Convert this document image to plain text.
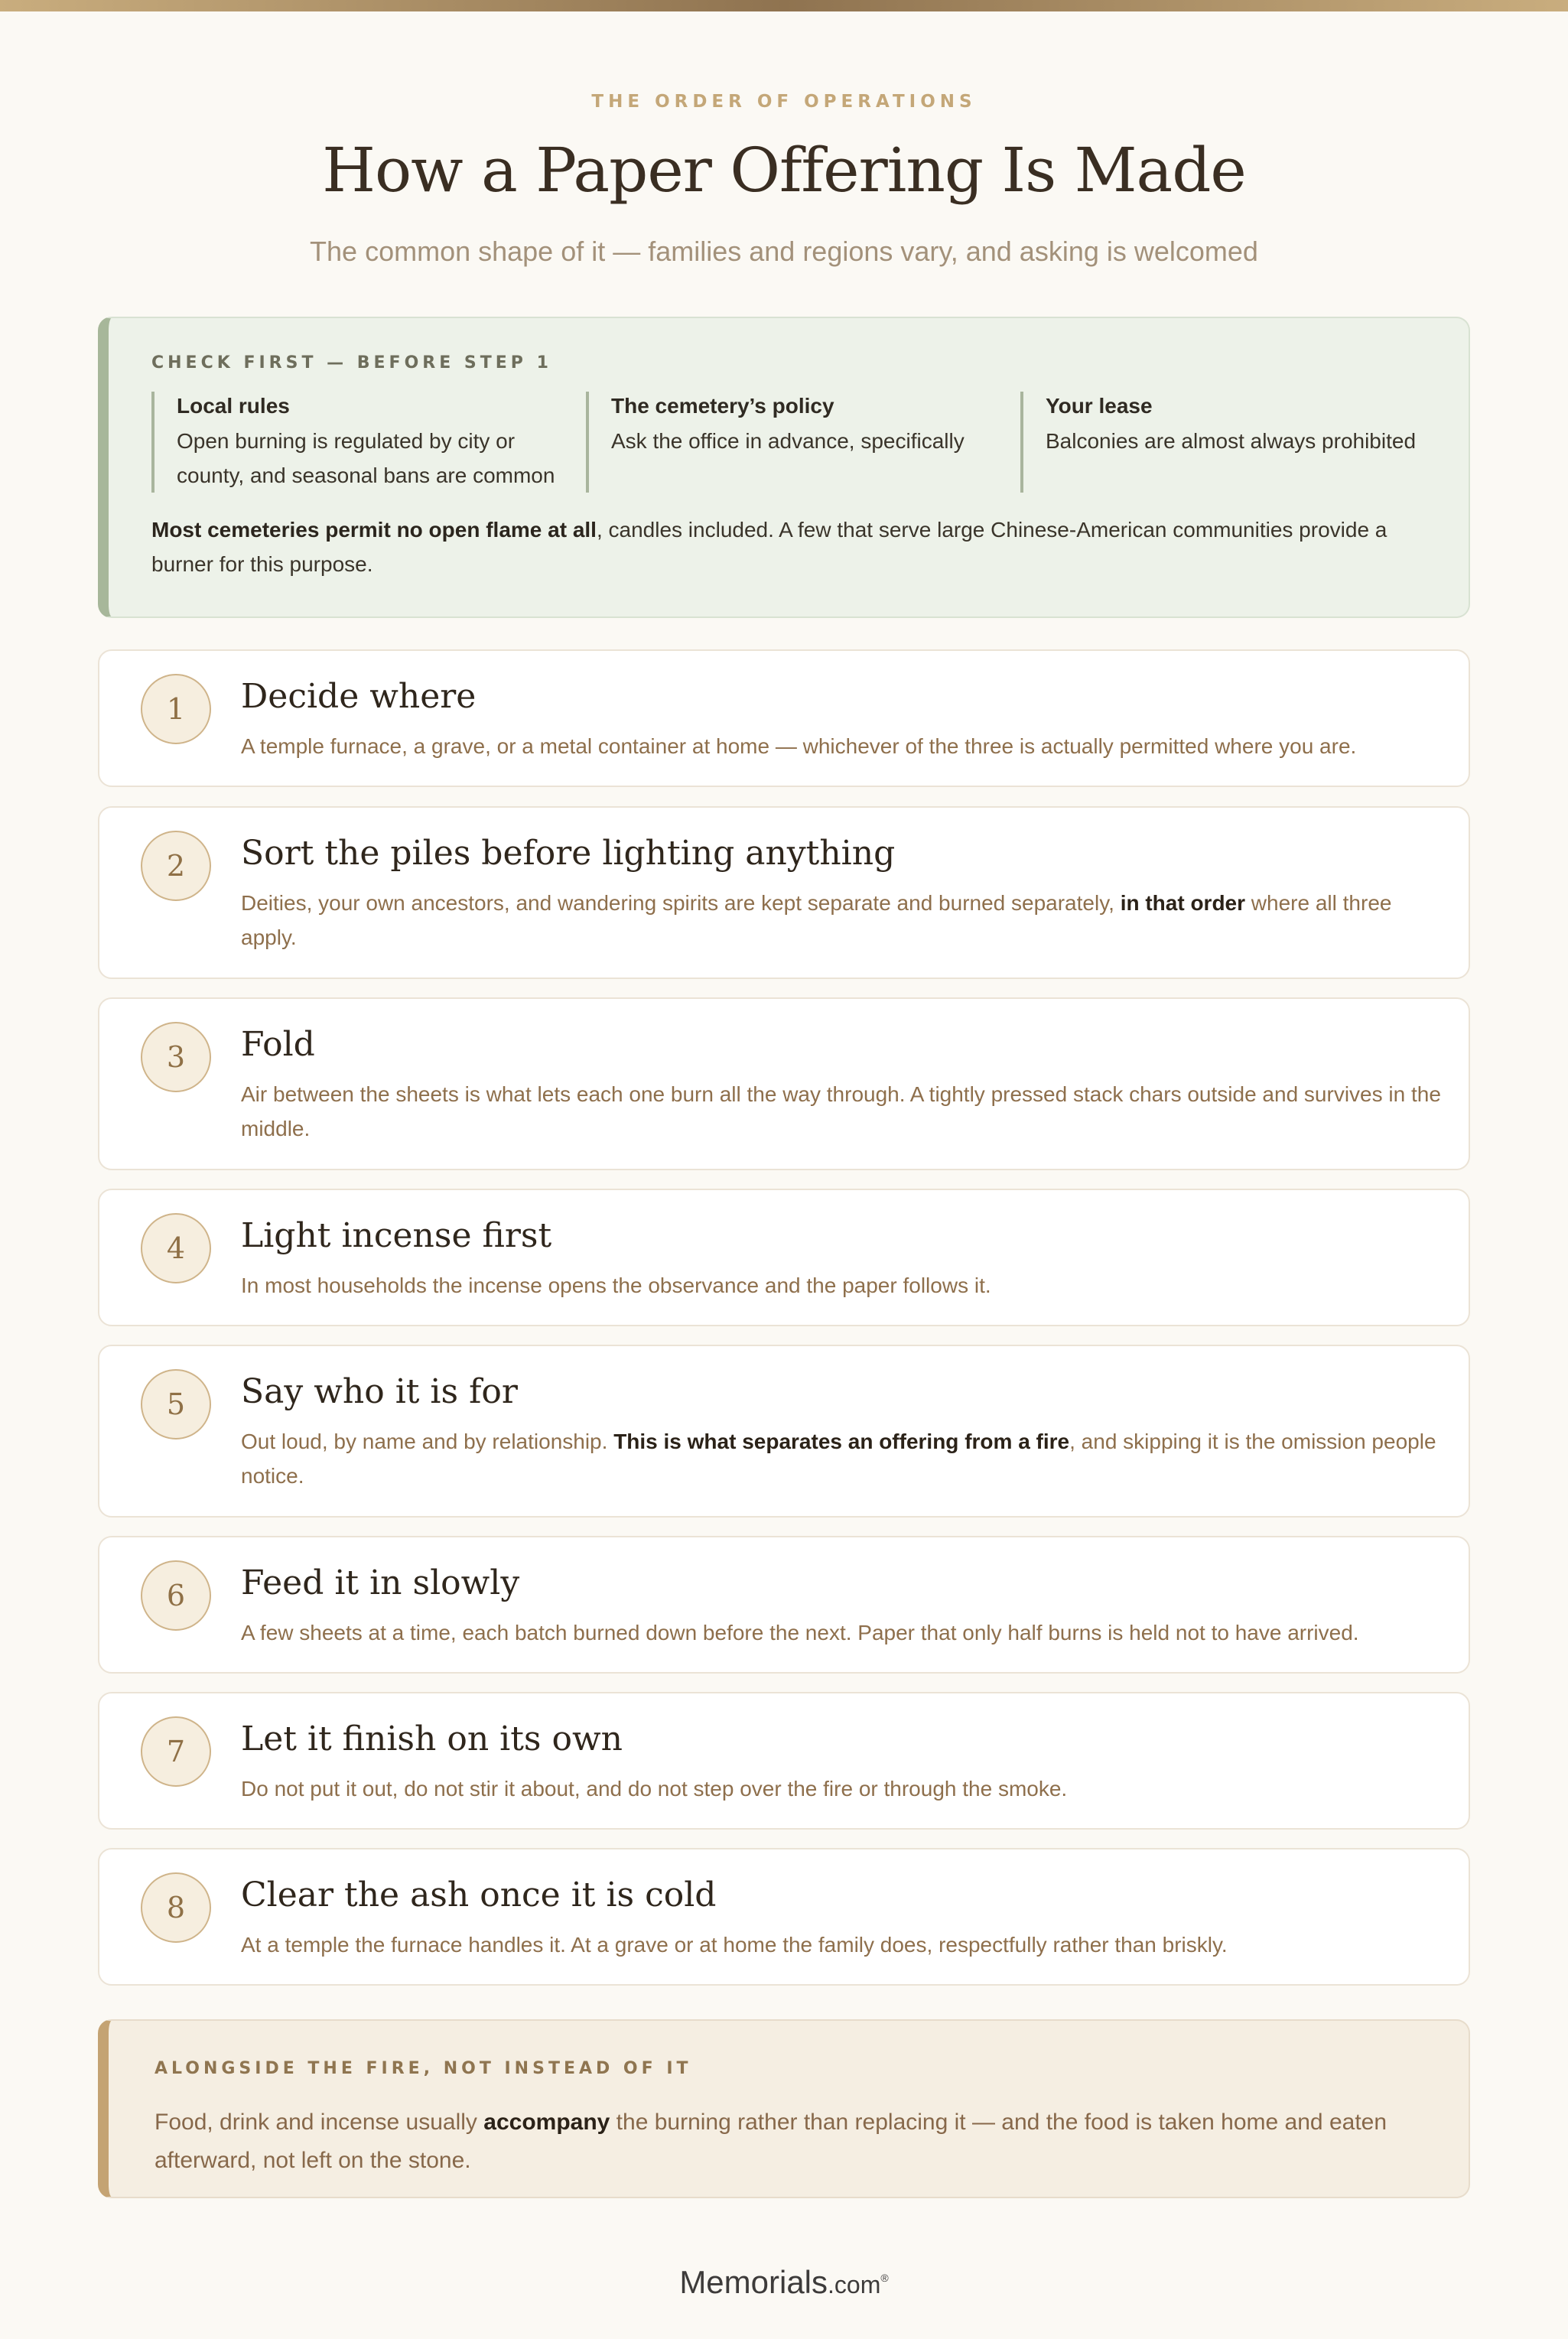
THE ORDER OF OPERATIONS
How a Paper Offering Is Made
The common shape of it — families and regions vary, and asking is welcomed
CHECK FIRST — BEFORE STEP 1
Local rules
Open burning is regulated by city or county, and seasonal bans are common
The cemetery’s policy
Ask the office in advance, specifically
Your lease
Balconies are almost always prohibited

Most cemeteries permit no open flame at all, candles included. A few that serve large Chinese-American communities provide a burner for this purpose.

1	Decide where
A temple furnace, a grave, or a metal container at home — whichever of the three is actually permitted where you are.
2	Sort the piles before lighting anything
Deities, your own ancestors, and wandering spirits are kept separate and burned separately, in that order where all three apply.
3	Fold
Air between the sheets is what lets each one burn all the way through. A tightly pressed stack chars outside and survives in the middle.
4	Light incense first
In most households the incense opens the observance and the paper follows it.
5	Say who it is for
Out loud, by name and by relationship. This is what separates an offering from a fire, and skipping it is the omission people notice.
6	Feed it in slowly
A few sheets at a time, each batch burned down before the next. Paper that only half burns is held not to have arrived.
7	Let it finish on its own
Do not put it out, do not stir it about, and do not step over the fire or through the smoke.
8	Clear the ash once it is cold
At a temple the furnace handles it. At a grave or at home the family does, respectfully rather than briskly.
ALONGSIDE THE FIRE, NOT INSTEAD OF IT

Food, drink and incense usually accompany the burning rather than replacing it — and the food is taken home and eaten afterward, not left on the stone.

Memorials.com®
